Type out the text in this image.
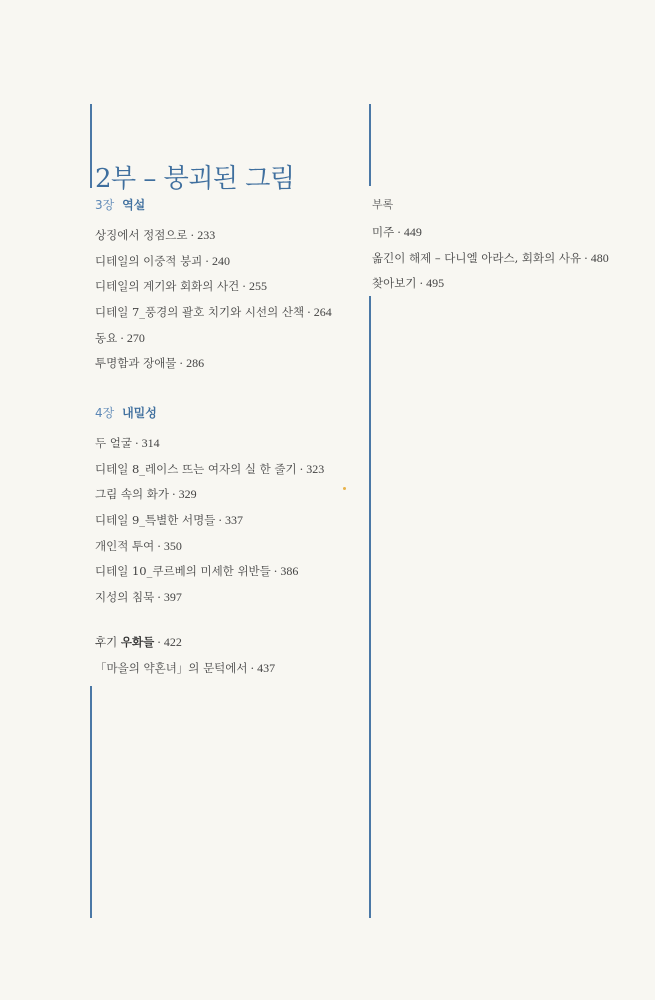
2부 – 붕괴된 그림
3장 역설
상징에서 정점으로 · 233
디테일의 이중적 붕괴 · 240
디테일의 계기와 회화의 사건 · 255
디테일 7_풍경의 괄호 치기와 시선의 산책 · 264
동요 · 270
투명함과 장애물 · 286
4장 내밀성
두 얼굴 · 314
디테일 8_레이스 뜨는 여자의 실 한 줄기 · 323
그림 속의 화가 · 329
디테일 9_특별한 서명들 · 337
개인적 투여 · 350
디테일 10_쿠르베의 미세한 위반들 · 386
지성의 침묵 · 397
후기 우화들 · 422
「마을의 약혼녀」의 문턱에서 · 437
부록
미주 · 449
옮긴이 해제 – 다니엘 아라스, 회화의 사유 · 480
찾아보기 · 495
